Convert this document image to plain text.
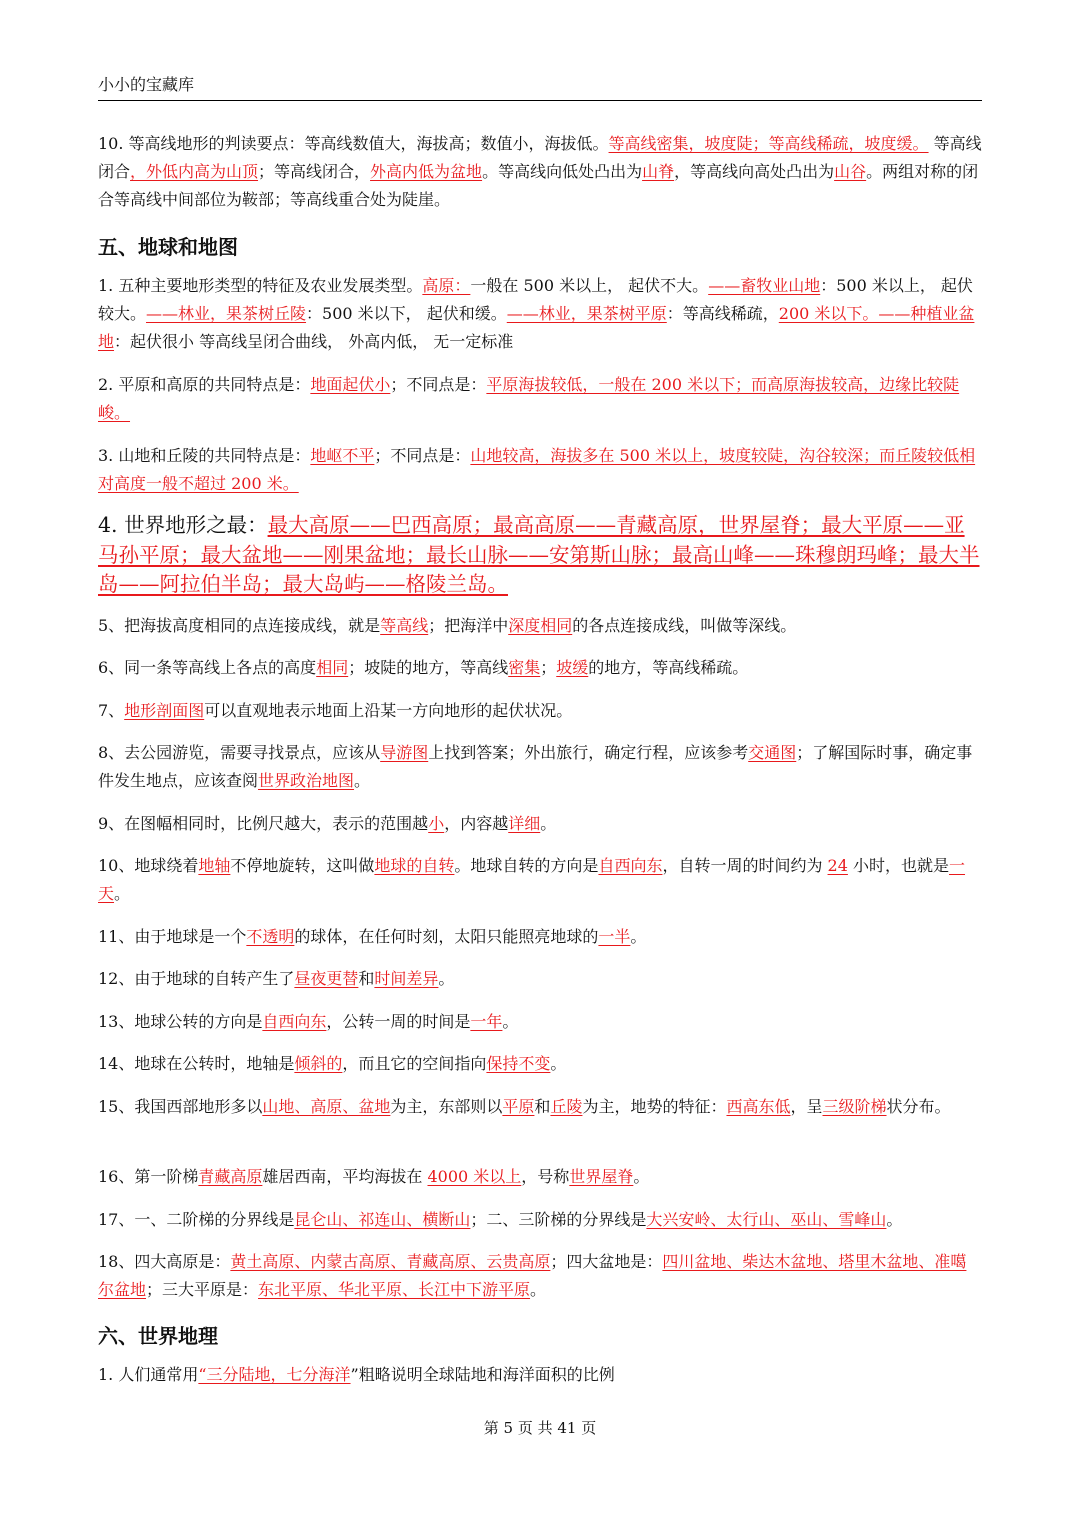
小小的宝藏库

10. 等高线地形的判读要点：等高线数值大，海拔高；数值小，海拔低。等高线密集，坡度陡；等高线稀疏，坡度缓。 等高线闭合，外低内高为山顶；等高线闭合，外高内低为盆地。等高线向低处凸出为山脊，等高线向高处凸出为山谷。两组对称的闭合等高线中间部位为鞍部；等高线重合处为陡崖。

五、地球和地图

1. 五种主要地形类型的特征及农业发展类型。高原：一般在 500 米以上， 起伏不大。——畜牧业山地：500 米以上， 起伏较大。——林业，果茶树丘陵：500 米以下， 起伏和缓。——林业，果茶树平原：等高线稀疏，200 米以下。——种植业盆地：起伏很小 等高线呈闭合曲线， 外高内低， 无一定标准

2. 平原和高原的共同特点是：地面起伏小；不同点是：平原海拔较低，一般在 200 米以下；而高原海拔较高，边缘比较陡峻。

3. 山地和丘陵的共同特点是：地岖不平；不同点是：山地较高，海拔多在 500 米以上，坡度较陡，沟谷较深；而丘陵较低相对高度一般不超过 200 米。

4. 世界地形之最：最大高原——巴西高原；最高高原——青藏高原，世界屋脊；最大平原——亚马孙平原；最大盆地——刚果盆地；最长山脉——安第斯山脉；最高山峰——珠穆朗玛峰；最大半岛——阿拉伯半岛；最大岛屿——格陵兰岛。

5、把海拔高度相同的点连接成线，就是等高线；把海洋中深度相同的各点连接成线，叫做等深线。

6、同一条等高线上各点的高度相同；坡陡的地方，等高线密集；坡缓的地方，等高线稀疏。

7、地形剖面图可以直观地表示地面上沿某一方向地形的起伏状况。

8、去公园游览，需要寻找景点，应该从导游图上找到答案；外出旅行，确定行程，应该参考交通图；了解国际时事，确定事件发生地点，应该查阅世界政治地图。

9、在图幅相同时，比例尺越大，表示的范围越小，内容越详细。

10、地球绕着地轴不停地旋转，这叫做地球的自转。地球自转的方向是自西向东，自转一周的时间约为 24 小时，也就是一天。

11、由于地球是一个不透明的球体，在任何时刻，太阳只能照亮地球的一半。

12、由于地球的自转产生了昼夜更替和时间差异。

13、地球公转的方向是自西向东，公转一周的时间是一年。

14、地球在公转时，地轴是倾斜的，而且它的空间指向保持不变。

15、我国西部地形多以山地、高原、盆地为主，东部则以平原和丘陵为主，地势的特征：西高东低，呈三级阶梯状分布。

16、第一阶梯青藏高原雄居西南，平均海拔在 4000 米以上，号称世界屋脊。

17、一、二阶梯的分界线是昆仑山、祁连山、横断山；二、三阶梯的分界线是大兴安岭、太行山、巫山、雪峰山。

18、四大高原是：黄土高原、内蒙古高原、青藏高原、云贵高原；四大盆地是：四川盆地、柴达木盆地、塔里木盆地、准噶尔盆地；三大平原是：东北平原、华北平原、长江中下游平原。

六、世界地理

1. 人们通常用“三分陆地，七分海洋”粗略说明全球陆地和海洋面积的比例

第 5 页 共 41 页
